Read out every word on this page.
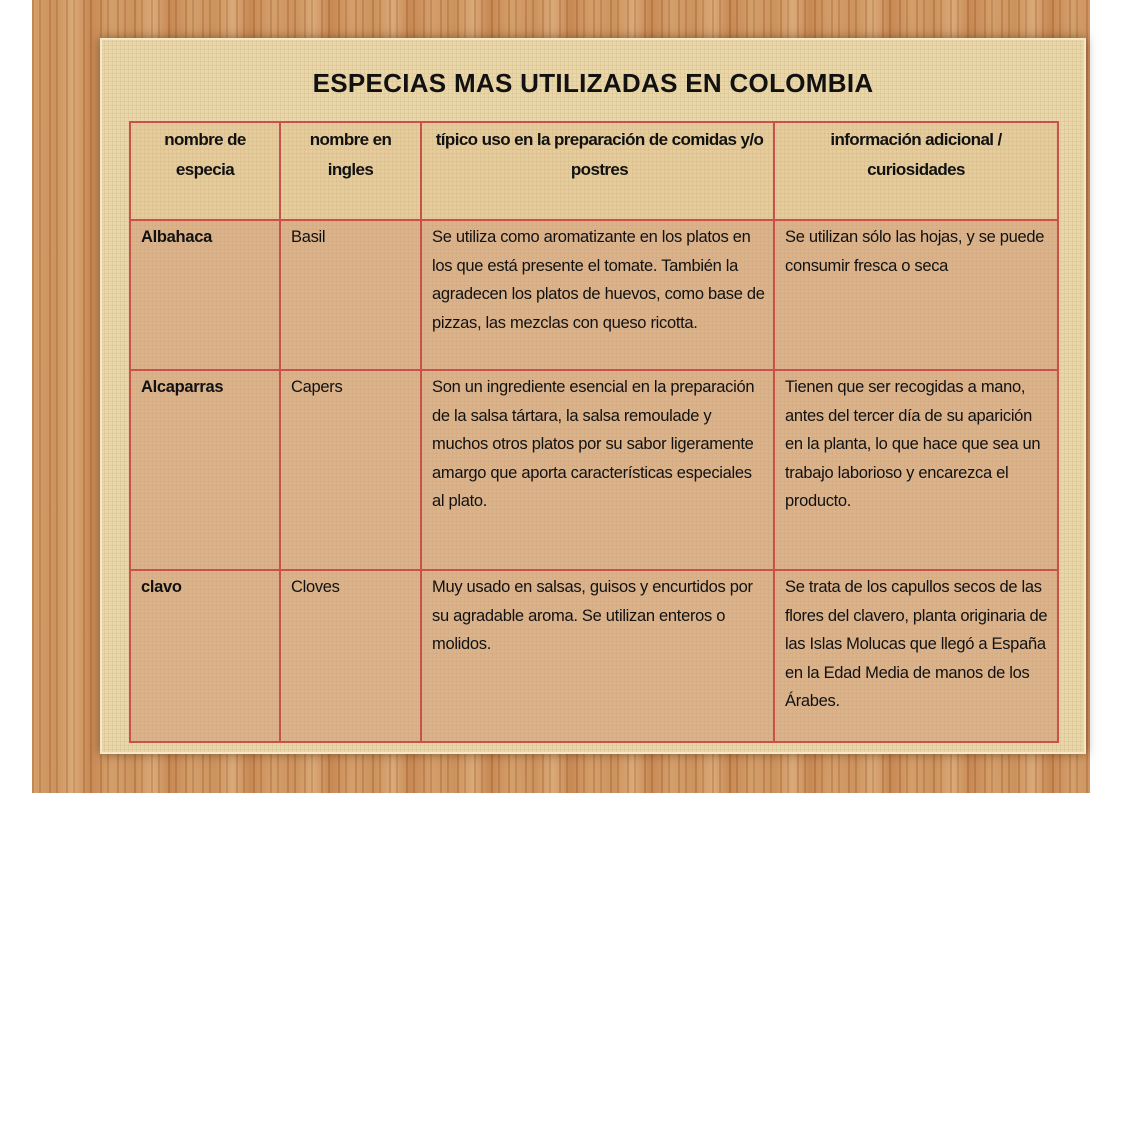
ESPECIAS MAS UTILIZADAS EN COLOMBIA
nombre de especia	nombre en ingles	típico uso en la preparación de comidas y/o postres	información adicional / curiosidades
Albahaca	Basil	Se utiliza como aromatizante en los platos en los que está presente el tomate. También la agradecen los platos de huevos, como base de pizzas, las mezclas con queso ricotta.	Se utilizan sólo las hojas, y se puede consumir fresca o seca
Alcaparras	Capers	Son un ingrediente esencial en la preparación de la salsa tártara, la salsa remoulade y muchos otros platos por su sabor ligeramente amargo que aporta características especiales al plato.	Tienen que ser recogidas a mano, antes del tercer día de su aparición en la planta, lo que hace que sea un trabajo laborioso y encarezca el producto.
clavo	Cloves	Muy usado en salsas, guisos y encurtidos por su agradable aroma. Se utilizan enteros o molidos.	Se trata de los capullos secos de las flores del clavero, planta originaria de las Islas Molucas que llegó a España en la Edad Media de manos de los Árabes.
